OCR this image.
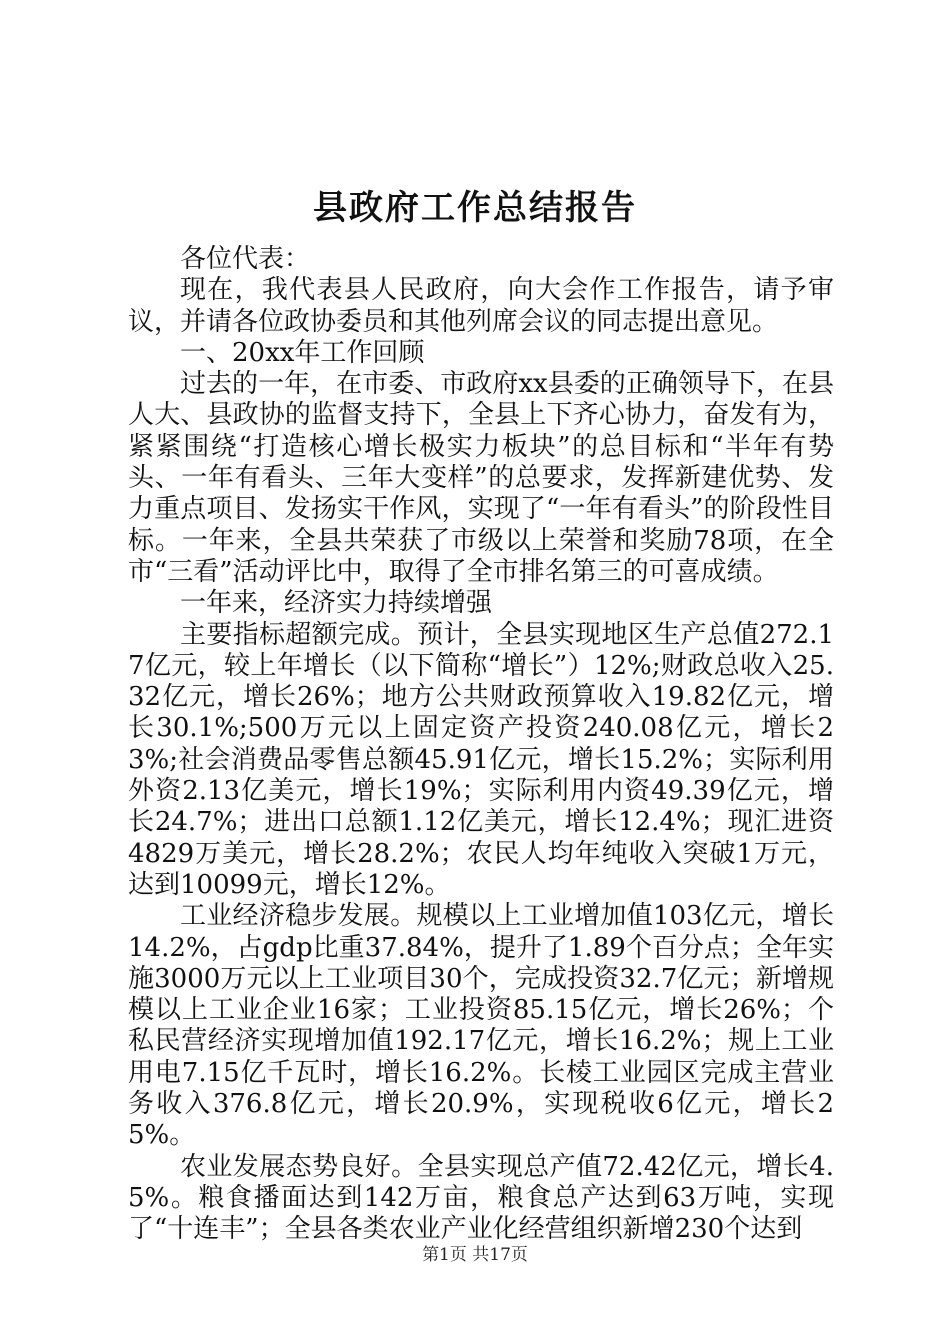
县政府工作总结报告

各位代表：

现在，我代表县人民政府，向大会作工作报告，请予审议，并请各位政协委员和其他列席会议的同志提出意见。

一、20xx年工作回顾

过去的一年，在市委、市政府xx县委的正确领导下，在县人大、县政协的监督支持下，全县上下齐心协力，奋发有为，紧紧围绕“打造核心增长极实力板块”的总目标和“半年有势头、一年有看头、三年大变样”的总要求，发挥新建优势、发力重点项目、发扬实干作风，实现了“一年有看头”的阶段性目标。一年来，全县共荣获了市级以上荣誉和奖励78项，在全市“三看”活动评比中，取得了全市排名第三的可喜成绩。

一年来，经济实力持续增强

主要指标超额完成。预计，全县实现地区生产总值272.17亿元，较上年增长（以下简称“增长”）12%;财政总收入25.32亿元，增长26%；地方公共财政预算收入19.82亿元，增长30.1%;500万元以上固定资产投资240.08亿元，增长23%;社会消费品零售总额45.91亿元，增长15.2%；实际利用外资2.13亿美元，增长19%；实际利用内资49.39亿元，增长24.7%；进出口总额1.12亿美元，增长12.4%；现汇进资4829万美元，增长28.2%；农民人均年纯收入突破1万元，达到10099元，增长12%。

工业经济稳步发展。规模以上工业增加值103亿元，增长14.2%，占gdp比重37.84%，提升了1.89个百分点；全年实施3000万元以上工业项目30个，完成投资32.7亿元；新增规模以上工业企业16家；工业投资85.15亿元，增长26%；个私民营经济实现增加值192.17亿元，增长16.2%；规上工业用电7.15亿千瓦时，增长16.2%。长棱工业园区完成主营业务收入376.8亿元，增长20.9%，实现税收6亿元，增长25%。

农业发展态势良好。全县实现总产值72.42亿元，增长4.5%。粮食播面达到142万亩，粮食总产达到63万吨，实现了“十连丰”；全县各类农业产业化经营组织新增230个达到

第1页 共17页
